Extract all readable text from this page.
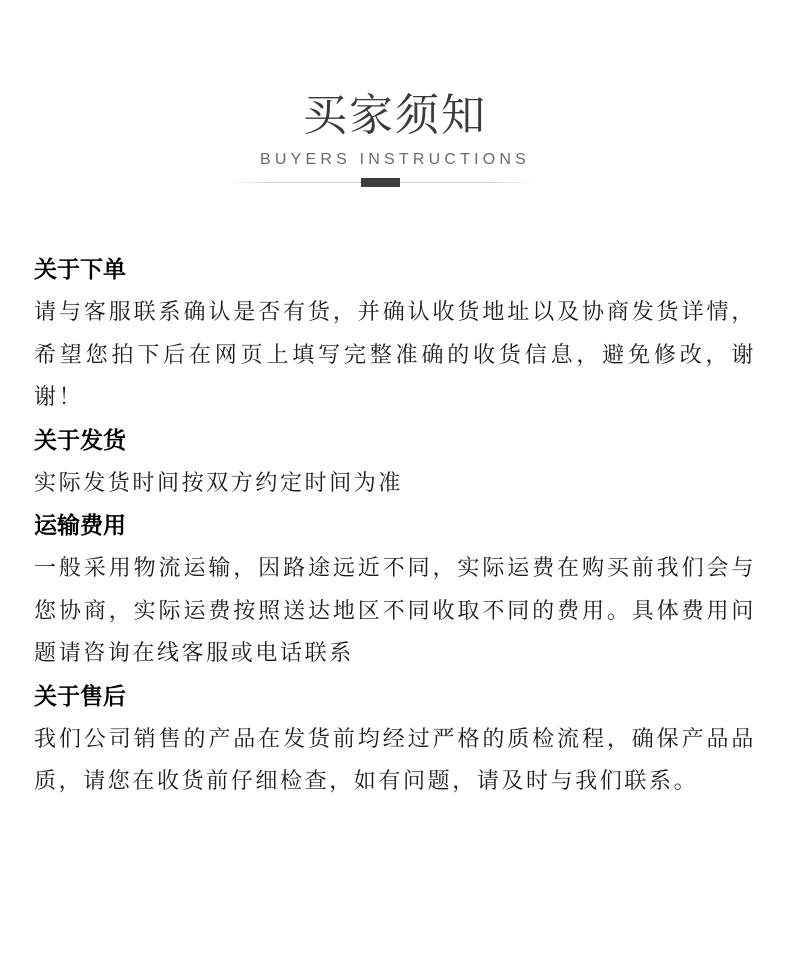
买家须知
BUYERS INSTRUCTIONS

关于下单

请与客服联系确认是否有货，并确认收货地址以及协商发货详情，希望您拍下后在网页上填写完整准确的收货信息，避免修改，谢谢！

关于发货

实际发货时间按双方约定时间为准

运输费用

一般采用物流运输，因路途远近不同，实际运费在购买前我们会与您协商，实际运费按照送达地区不同收取不同的费用。具体费用问题请咨询在线客服或电话联系

关于售后

我们公司销售的产品在发货前均经过严格的质检流程，确保产品品质，请您在收货前仔细检查，如有问题，请及时与我们联系。
